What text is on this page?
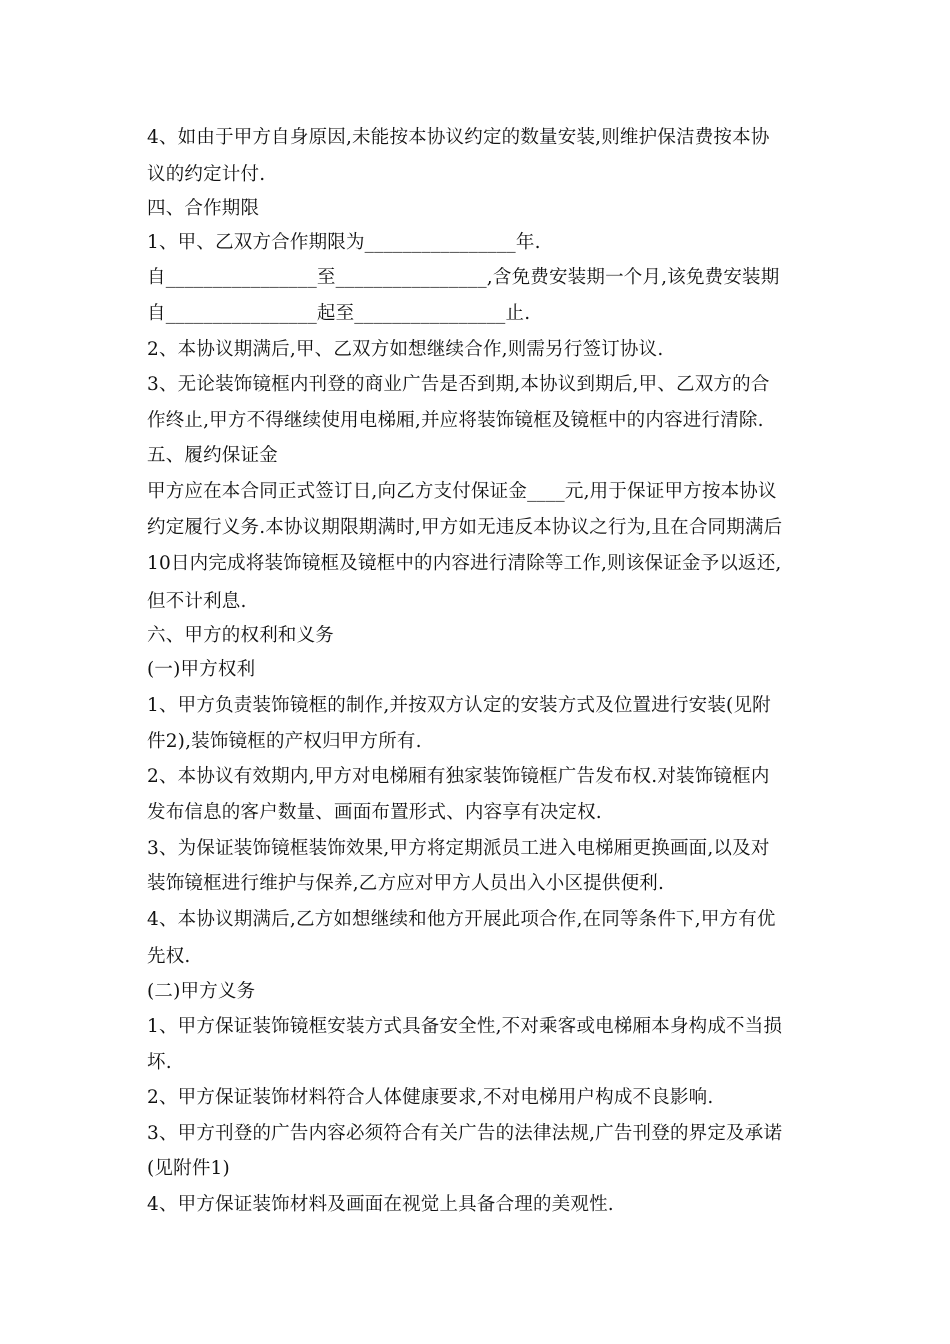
4、如由于甲方自身原因,未能按本协议约定的数量安装,则维护保洁费按本协
议的约定计付.
四、合作期限
1、甲、乙双方合作期限为________________年.
自________________至________________,含免费安装期一个月,该免费安装期
自________________起至________________止.
2、本协议期满后,甲、乙双方如想继续合作,则需另行签订协议.
3、无论装饰镜框内刊登的商业广告是否到期,本协议到期后,甲、乙双方的合
作终止,甲方不得继续使用电梯厢,并应将装饰镜框及镜框中的内容进行清除.
五、履约保证金
甲方应在本合同正式签订日,向乙方支付保证金____元,用于保证甲方按本协议
约定履行义务.本协议期限期满时,甲方如无违反本协议之行为,且在合同期满后
10日内完成将装饰镜框及镜框中的内容进行清除等工作,则该保证金予以返还,
但不计利息.
六、甲方的权利和义务
(一)甲方权利
1、甲方负责装饰镜框的制作,并按双方认定的安装方式及位置进行安装(见附
件2),装饰镜框的产权归甲方所有.
2、本协议有效期内,甲方对电梯厢有独家装饰镜框广告发布权.对装饰镜框内
发布信息的客户数量、画面布置形式、内容享有决定权.
3、为保证装饰镜框装饰效果,甲方将定期派员工进入电梯厢更换画面,以及对
装饰镜框进行维护与保养,乙方应对甲方人员出入小区提供便利.
4、本协议期满后,乙方如想继续和他方开展此项合作,在同等条件下,甲方有优
先权.
(二)甲方义务
1、甲方保证装饰镜框安装方式具备安全性,不对乘客或电梯厢本身构成不当损
坏.
2、甲方保证装饰材料符合人体健康要求,不对电梯用户构成不良影响.
3、甲方刊登的广告内容必须符合有关广告的法律法规,广告刊登的界定及承诺
(见附件1)
4、甲方保证装饰材料及画面在视觉上具备合理的美观性.
